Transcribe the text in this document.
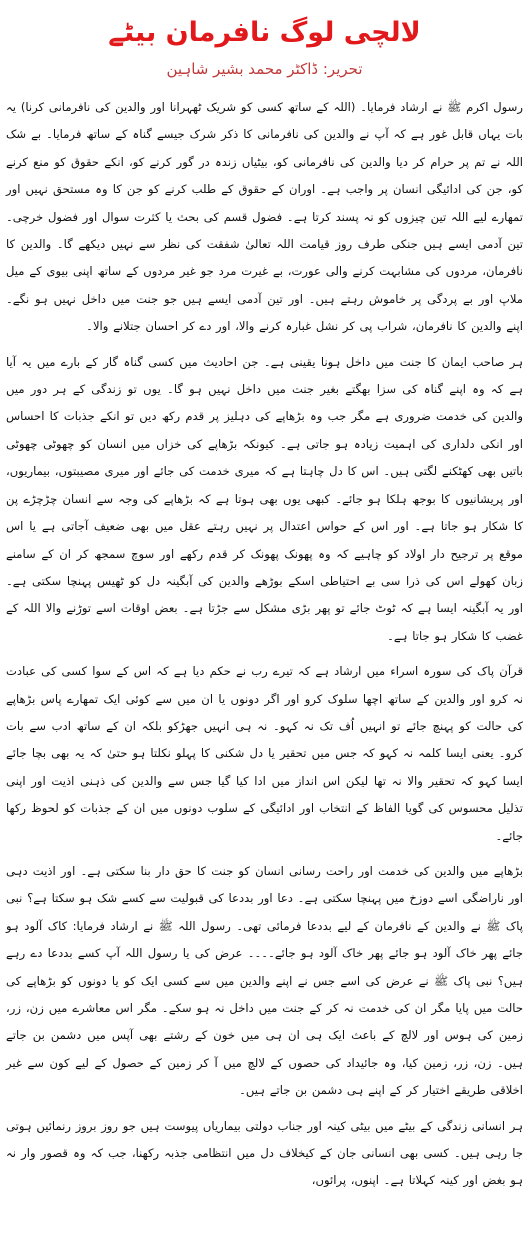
لالچی لوگ نافرمان بیٹے
تحریر: ڈاکٹر محمد بشیر شاہین

رسول اکرم ﷺ نے ارشاد فرمایا۔ (اللہ کے ساتھ کسی کو شریک ٹھہرانا اور والدین کی نافرمانی کرنا) یہ بات یہاں قابل غور ہے کہ آپ نے والدین کی نافرمانی کا ذکر شرک جیسے گناہ کے ساتھ فرمایا۔ بے شک اللہ نے تم پر حرام کر دیا والدین کی نافرمانی کو، بیٹیاں زندہ در گور کرنے کو، انکے حقوق کو منع کرنے کو، جن کی ادائیگی انسان پر واجب ہے۔ اوران کے حقوق کے طلب کرنے کو جن کا وہ مستحق نہیں اور تمھارے لیے اللہ تین چیزوں کو نہ پسند کرتا ہے۔ فضول قسم کی بحث یا کثرت سوال اور فضول خرچی۔ تین آدمی ایسے ہیں جنکی طرف روز قیامت اللہ تعالیٰ شفقت کی نظر سے نہیں دیکھے گا۔ والدین کا نافرمان، مردوں کی مشابہت کرنے والی عورت، بے غیرت مرد جو غیر مردوں کے ساتھ اپنی بیوی کے میل ملاپ اور بے پردگی پر خاموش رہتے ہیں۔ اور تین آدمی ایسے ہیں جو جنت میں داخل نہیں ہو نگے۔ اپنے والدین کا نافرمان، شراب پی کر نشل غبارہ کرنے والا، اور دے کر احسان جتلانے والا۔

ہر صاحب ایمان کا جنت میں داخل ہونا یقینی ہے۔ جن احادیث میں کسی گناہ گار کے بارے میں یہ آیا ہے کہ وہ اپنے گناہ کی سزا بھگتے بغیر جنت میں داخل نہیں ہو گا۔ یوں تو زندگی کے ہر دور میں والدین کی خدمت ضروری ہے مگر جب وہ بڑھاپے کی دہلیز پر قدم رکھ دیں تو انکے جذبات کا احساس اور انکی دلداری کی اہمیت زیادہ ہو جاتی ہے۔ کیونکہ بڑھاپے کی خزاں میں انسان کو چھوٹی چھوٹی باتیں بھی کھٹکنے لگتی ہیں۔ اس کا دل چاہتا ہے کہ میری خدمت کی جائے اور میری مصیبتوں، بیماریوں، اور پریشانیوں کا بوجھ ہلکا ہو جائے۔ کبھی یوں بھی ہوتا ہے کہ بڑھاپے کی وجہ سے انسان چڑچڑے پن کا شکار ہو جاتا ہے۔ اور اس کے حواس اعتدال پر نہیں رہتے عقل میں بھی ضعیف آجاتی ہے یا اس موقع پر ترجیح دار اولاد کو چاہیے کہ وہ پھونک پھونک کر قدم رکھے اور سوچ سمجھ کر ان کے سامنے زبان کھولے اس کی ذرا سی بے احتیاطی اسکے بوڑھے والدین کی آبگینہ دل کو ٹھیس پہنچا سکتی ہے۔ اور یہ آبگینہ ایسا ہے کہ ٹوٹ جائے تو پھر بڑی مشکل سے جڑتا ہے۔ بعض اوقات اسے توڑنے والا اللہ کے غضب کا شکار ہو جاتا ہے۔

قرآن پاک کی سورہ اسراء میں ارشاد ہے کہ تیرے رب نے حکم دیا ہے کہ اس کے سوا کسی کی عبادت نہ کرو اور والدین کے ساتھ اچھا سلوک کرو اور اگر دونوں یا ان میں سے کوئی ایک تمھارے پاس بڑھاپے کی حالت کو پہنچ جائے تو انہیں اُف تک نہ کہو۔ نہ ہی انہیں جھڑکو بلکہ ان کے ساتھ ادب سے بات کرو۔ یعنی ایسا کلمہ نہ کہو کہ جس میں تحقیر یا دل شکنی کا پہلو نکلتا ہو حتیٰ کہ یہ بھی بچا جائے ایسا کہو کہ تحقیر والا نہ تھا لیکن اس انداز میں ادا کیا گیا جس سے والدین کی ذہنی اذیت اور اپنی تذلیل محسوس کی گویا الفاظ کے انتخاب اور ادائیگی کے سلوب دونوں میں ان کے جذبات کو لحوظ رکھا جائے۔

بڑھاپے میں والدین کی خدمت اور راحت رسانی انسان کو جنت کا حق دار بنا سکتی ہے۔ اور اذیت دہی اور ناراضگی اسے دوزخ میں پہنچا سکتی ہے۔ دعا اور بددعا کی قبولیت سے کسے شک ہو سکتا ہے؟ نبی پاک ﷺ نے والدین کے نافرمان کے لیے بددعا فرمائی تھی۔ رسول اللہ ﷺ نے ارشاد فرمایا: کاک آلود ہو جائے پھر خاک آلود ہو جائے پھر خاک آلود ہو جائے۔۔۔۔ عرض کی یا رسول اللہ آپ کسے بددعا دے رہے ہیں؟ نبی پاک ﷺ نے عرض کی اسے جس نے اپنے والدین میں سے کسی ایک کو یا دونوں کو بڑھاپے کی حالت میں پایا مگر ان کی خدمت نہ کر کے جنت میں داخل نہ ہو سکے۔ مگر اس معاشرے میں زن، زر، زمین کی ہوس اور لالچ کے باعث ایک ہی ان ہی میں خون کے رشتے بھی آپس میں دشمن بن جاتے ہیں۔ زن، زر، زمین کیا، وہ جائیداد کی حصوں کے لالچ میں آ کر زمین کے حصول کے لیے کون سے غیر اخلاقی طریقے اختیار کر کے اپنے ہی دشمن بن جاتے ہیں۔

ہر انسانی زندگی کے بیٹے میں بیٹی کینہ اور جناب دولتی بیماریاں پیوست ہیں جو روز بروز رنمائیں ہوتی جا رہی ہیں۔ کسی بھی انسانی جان کے کیخلاف دل میں انتظامی جذبہ رکھنا، جب کہ وہ قصور وار نہ ہو بغض اور کینہ کہلاتا ہے۔ اپنوں، پرائوں،
